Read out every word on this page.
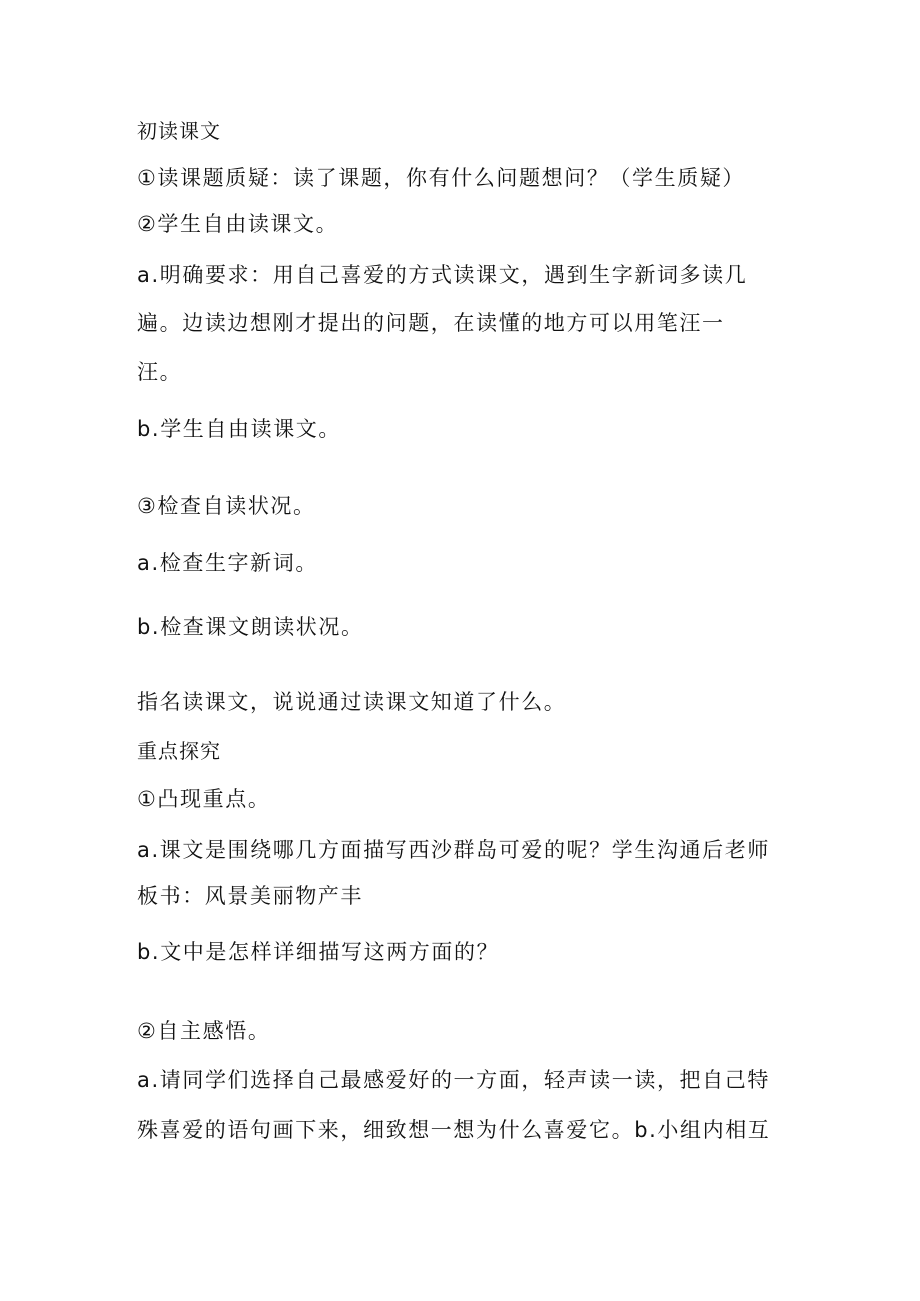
初读课文

①读课题质疑：读了课题，你有什么问题想问？（学生质疑）

②学生自由读课文。

a.明确要求：用自己喜爱的方式读课文，遇到生字新词多读几

遍。边读边想刚才提出的问题，在读懂的地方可以用笔汪一

汪。

b.学生自由读课文。

③检查自读状况。

a.检查生字新词。

b.检查课文朗读状况。

指名读课文，说说通过读课文知道了什么。

重点探究

①凸现重点。

a.课文是围绕哪几方面描写西沙群岛可爱的呢？学生沟通后老师

板书：风景美丽物产丰

b.文中是怎样详细描写这两方面的？

②自主感悟。

a.请同学们选择自己最感爱好的一方面，轻声读一读，把自己特

殊喜爱的语句画下来，细致想一想为什么喜爱它。b.小组内相互
